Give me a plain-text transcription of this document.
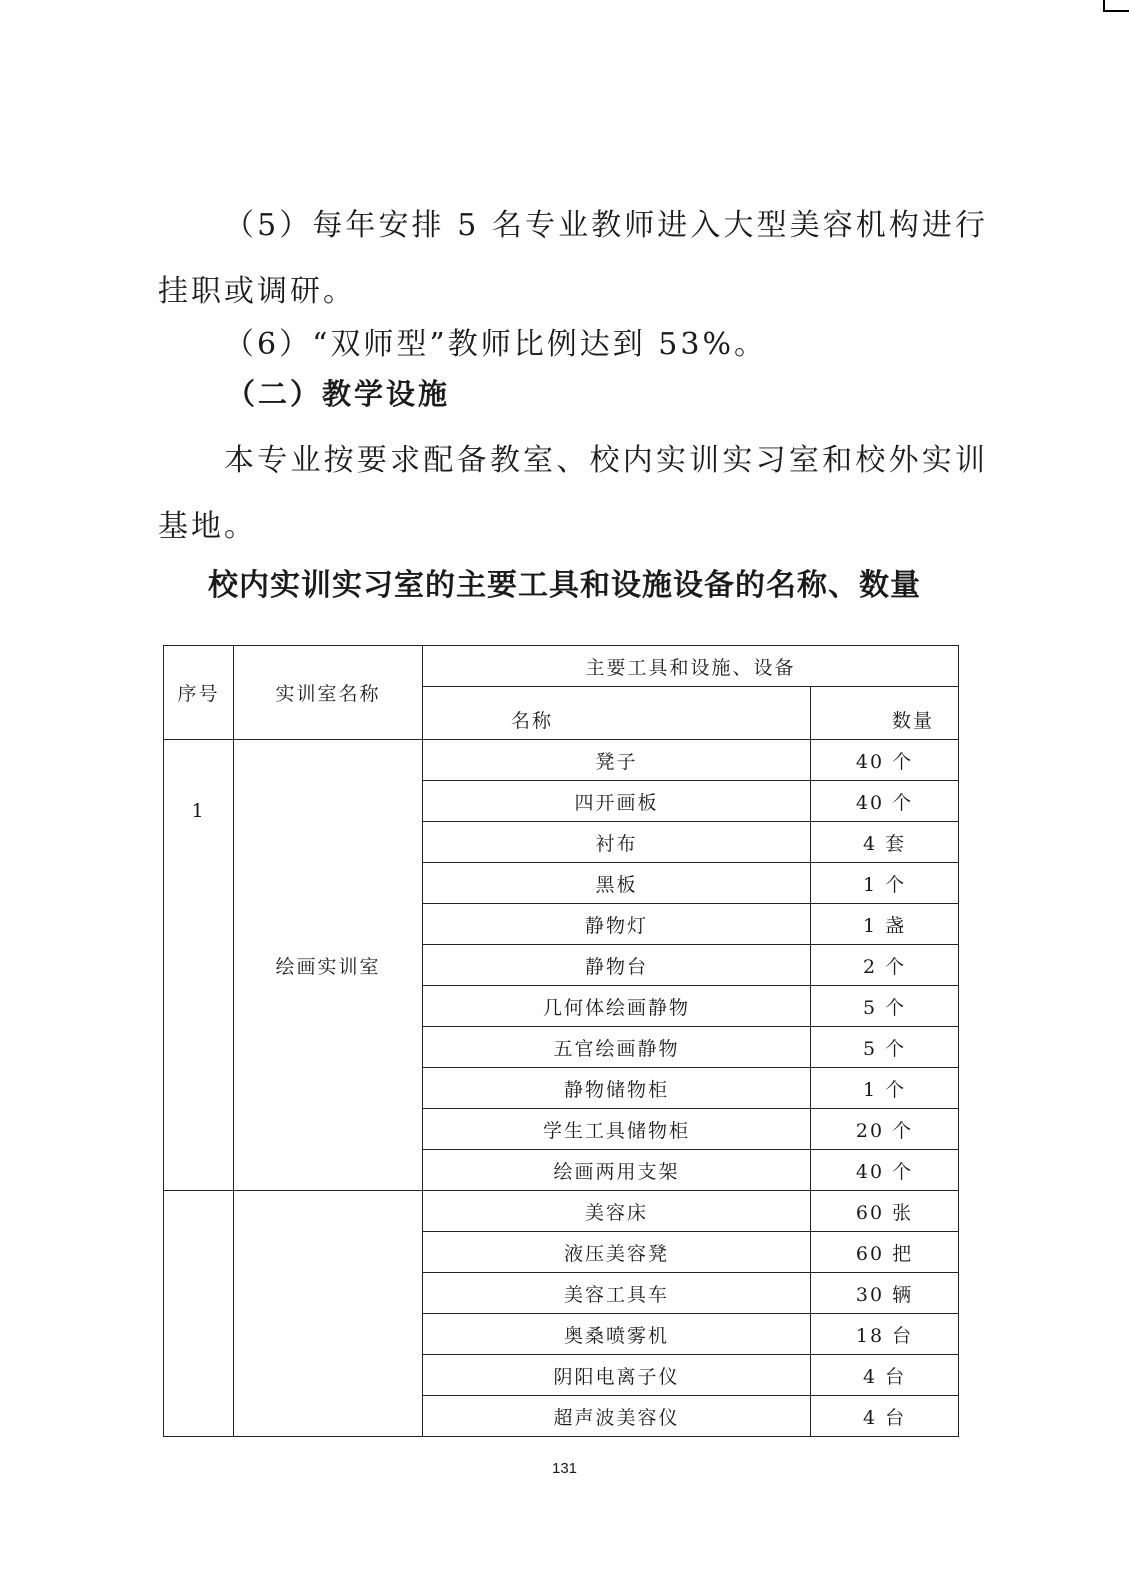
（5）每年安排 5 名专业教师进入大型美容机构进行挂职或调研。

（6）“双师型”教师比例达到 53%。

（二）教学设施

本专业按要求配备教室、校内实训实习室和校外实训基地。

校内实训实习室的主要工具和设施设备的名称、数量
序号	实训室名称	主要工具和设施、设备	
		名称	数量
1	绘画实训室	凳子	40 个
		四开画板	40 个
		衬布	4 套
		黑板	1 个
		静物灯	1 盏
		静物台	2 个
		几何体绘画静物	5 个
		五官绘画静物	5 个
		静物储物柜	1 个
		学生工具储物柜	20 个
		绘画两用支架	40 个
		美容床	60 张
		液压美容凳	60 把
		美容工具车	30 辆
		奥桑喷雾机	18 台
		阴阳电离子仪	4 台
		超声波美容仪	4 台
131
